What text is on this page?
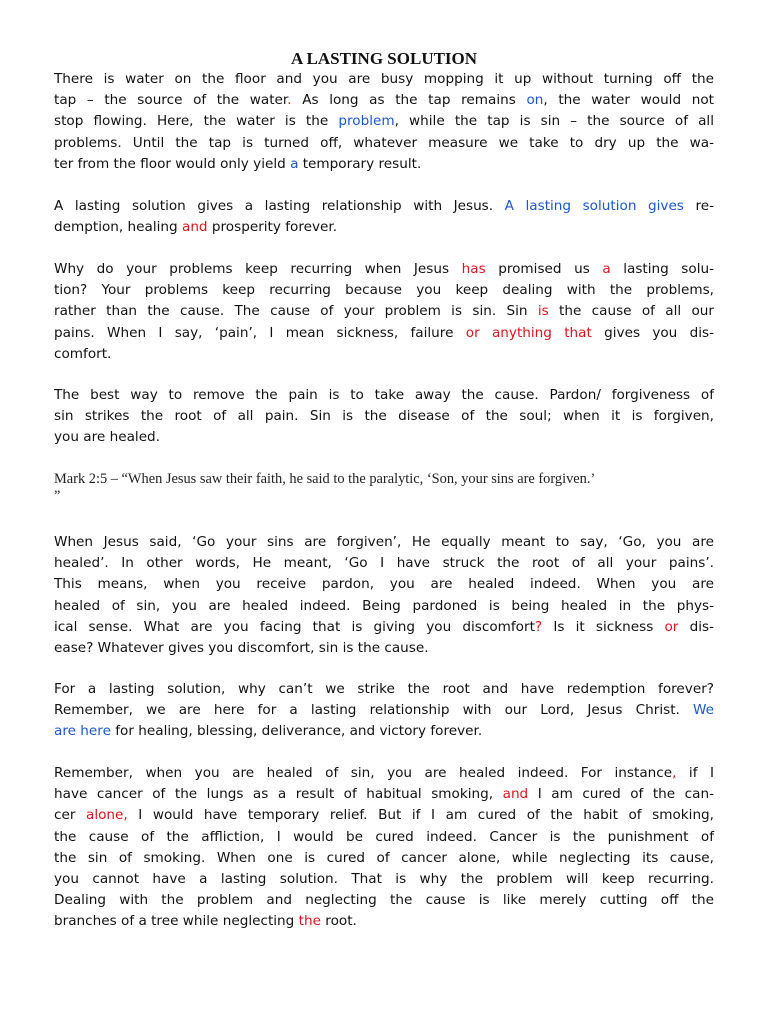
A LASTING SOLUTION

There is water on the floor and you are busy mopping it up without turning off the
tap – the source of the water. As long as the tap remains on, the water would not
stop flowing. Here, the water is the problem, while the tap is sin – the source of all
problems. Until the tap is turned off, whatever measure we take to dry up the wa-
ter from the floor would only yield a temporary result.

A lasting solution gives a lasting relationship with Jesus. A lasting solution gives re-
demption, healing and prosperity forever.

Why do your problems keep recurring when Jesus has promised us a lasting solu-
tion? Your problems keep recurring because you keep dealing with the problems,
rather than the cause. The cause of your problem is sin. Sin is the cause of all our
pains. When I say, ‘pain’, I mean sickness, failure or anything that gives you dis-
comfort.

The best way to remove the pain is to take away the cause. Pardon/ forgiveness of
sin strikes the root of all pain. Sin is the disease of the soul; when it is forgiven,
you are healed.

Mark 2:5 – “When Jesus saw their faith, he said to the paralytic, ‘Son, your sins are forgiven.’
”

When Jesus said, ‘Go your sins are forgiven’, He equally meant to say, ‘Go, you are
healed’. In other words, He meant, ‘Go I have struck the root of all your pains’.
This means, when you receive pardon, you are healed indeed. When you are
healed of sin, you are healed indeed. Being pardoned is being healed in the phys-
ical sense. What are you facing that is giving you discomfort? Is it sickness or dis-
ease? Whatever gives you discomfort, sin is the cause.

For a lasting solution, why can’t we strike the root and have redemption forever?
Remember, we are here for a lasting relationship with our Lord, Jesus Christ. We
are here for healing, blessing, deliverance, and victory forever.

Remember, when you are healed of sin, you are healed indeed. For instance, if I
have cancer of the lungs as a result of habitual smoking, and I am cured of the can-
cer alone, I would have temporary relief. But if I am cured of the habit of smoking,
the cause of the affliction, I would be cured indeed. Cancer is the punishment of
the sin of smoking. When one is cured of cancer alone, while neglecting its cause,
you cannot have a lasting solution. That is why the problem will keep recurring.
Dealing with the problem and neglecting the cause is like merely cutting off the
branches of a tree while neglecting the root.
